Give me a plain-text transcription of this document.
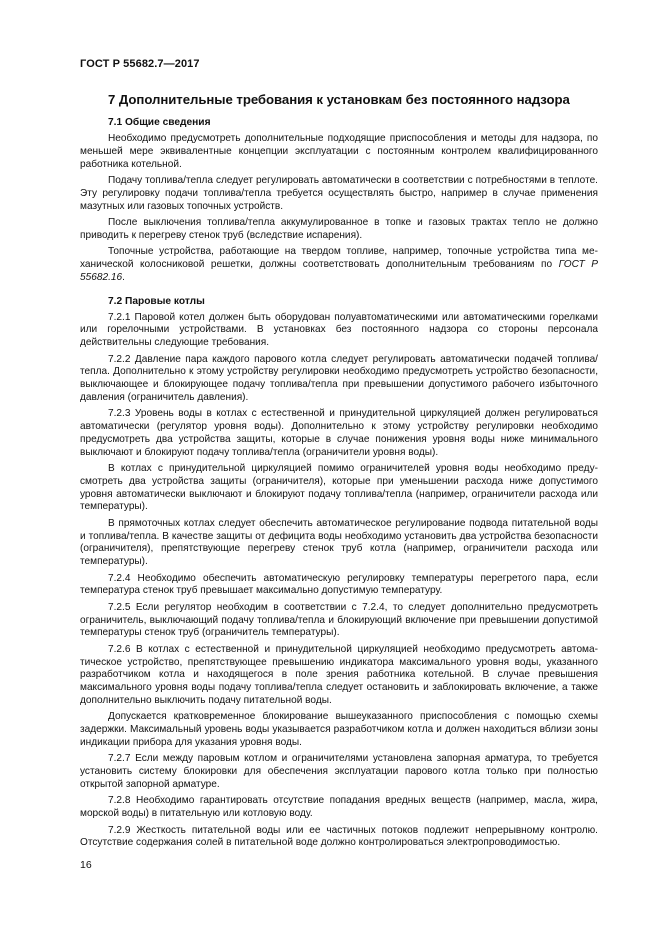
ГОСТ Р 55682.7—2017
7 Дополнительные требования к установкам без постоянного надзора
7.1 Общие сведения

Необходимо предусмотреть дополнительные подходящие приспособления и методы для надзора, по меньшей мере эквивалентные концепции эксплуатации с постоянным контролем квалифицированного работника котельной.

Подачу топлива/тепла следует регулировать автоматически в соответствии с потребностями в теплоте. Эту регулировку подачи топлива/тепла требуется осуществлять быстро, например в случае применения мазутных или газовых топочных устройств.

После выключения топлива/тепла аккумулированное в топке и газовых трактах тепло не должно приводить к перегреву стенок труб (вследствие испарения).

Топочные устройства, работающие на твердом топливе, например, топочные устройства типа механической колосниковой решетки, должны соответствовать дополнительным требованиям по ГОСТ Р 55682.16.

7.2 Паровые котлы

7.2.1 Паровой котел должен быть оборудован полуавтоматическими или автоматическими горелками или горелочными устройствами. В установках без постоянного надзора со стороны персонала действительны следующие требования.

7.2.2 Давление пара каждого парового котла следует регулировать автоматически подачей топлива/тепла. Дополнительно к этому устройству регулировки необходимо предусмотреть устройство безопасности, выключающее и блокирующее подачу топлива/тепла при превышении допустимого рабочего избыточного давления (ограничитель давления).

7.2.3 Уровень воды в котлах с естественной и принудительной циркуляцией должен регулироваться автоматически (регулятор уровня воды). Дополнительно к этому устройству регулировки необходимо предусмотреть два устройства защиты, которые в случае понижения уровня воды ниже минимального выключают и блокируют подачу топлива/тепла (ограничители уровня воды).

В котлах с принудительной циркуляцией помимо ограничителей уровня воды необходимо предусмотреть два устройства защиты (ограничителя), которые при уменьшении расхода ниже допустимого уровня автоматически выключают и блокируют подачу топлива/тепла (например, ограничители расхода или температуры).

В прямоточных котлах следует обеспечить автоматическое регулирование подвода питательной воды и топлива/тепла. В качестве защиты от дефицита воды необходимо установить два устройства безопасности (ограничителя), препятствующие перегреву стенок труб котла (например, ограничители расхода или температуры).

7.2.4 Необходимо обеспечить автоматическую регулировку температуры перегретого пара, если температура стенок труб превышает максимально допустимую температуру.

7.2.5 Если регулятор необходим в соответствии с 7.2.4, то следует дополнительно предусмотреть ограничитель, выключающий подачу топлива/тепла и блокирующий включение при превышении допустимой температуры стенок труб (ограничитель температуры).

7.2.6 В котлах с естественной и принудительной циркуляцией необходимо предусмотреть автоматическое устройство, препятствующее превышению индикатора максимального уровня воды, указанного разработчиком котла и находящегося в поле зрения работника котельной. В случае превышения максимального уровня воды подачу топлива/тепла следует остановить и заблокировать включение, а также дополнительно выключить подачу питательной воды.

Допускается кратковременное блокирование вышеуказанного приспособления с помощью схемы задержки. Максимальный уровень воды указывается разработчиком котла и должен находиться вблизи зоны индикации прибора для указания уровня воды.

7.2.7 Если между паровым котлом и ограничителями установлена запорная арматура, то требуется установить систему блокировки для обеспечения эксплуатации парового котла только при полностью открытой запорной арматуре.

7.2.8 Необходимо гарантировать отсутствие попадания вредных веществ (например, масла, жира, морской воды) в питательную или котловую воду.

7.2.9 Жесткость питательной воды или ее частичных потоков подлежит непрерывному контролю. Отсутствие содержания солей в питательной воде должно контролироваться электропроводимостью.

16
